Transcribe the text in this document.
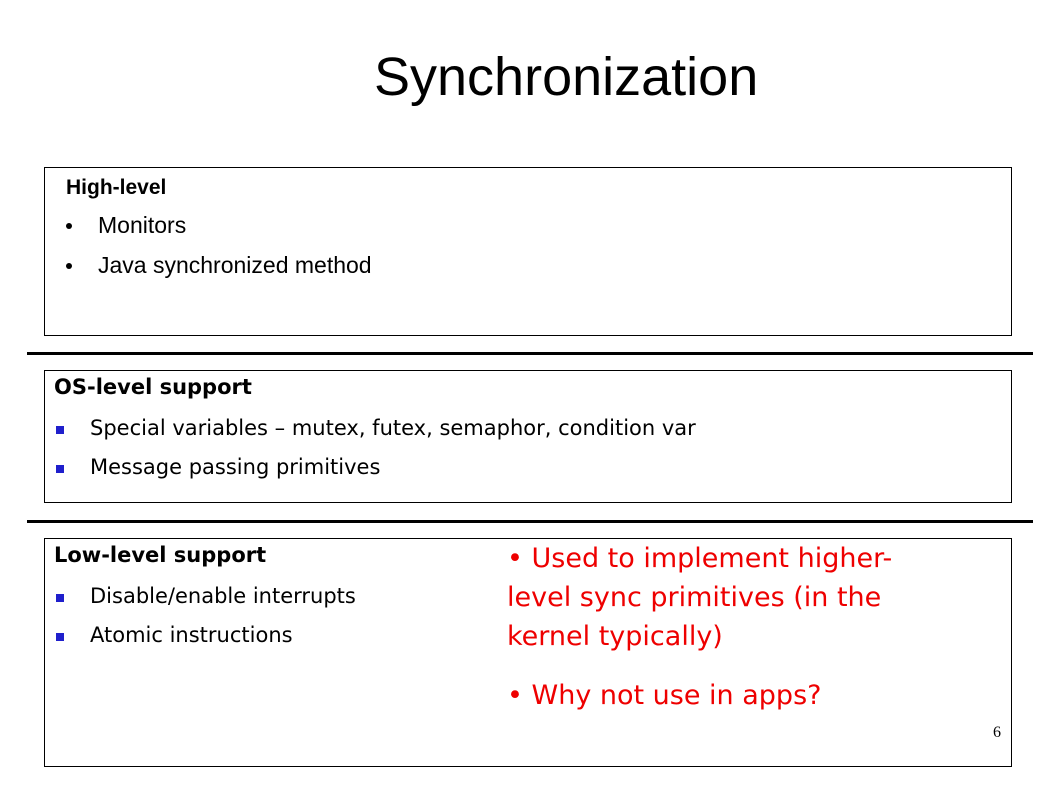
Synchronization
High-level
Monitors
Java synchronized method
OS-level support
Special variables – mutex, futex, semaphor, condition var
Message passing primitives
Low-level support
Disable/enable interrupts
Atomic instructions
• Used to implement higher-
level sync primitives (in the
kernel typically)
• Why not use in apps?
6
